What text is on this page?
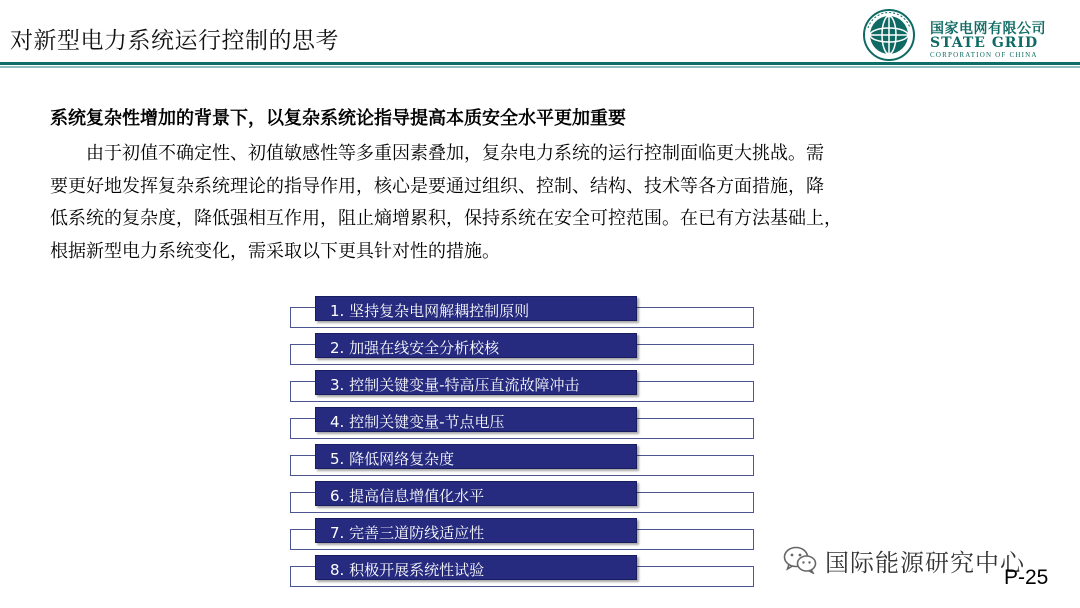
对新型电力系统运行控制的思考	国家电网有限公司
STATE GRID
CORPORATION OF CHINA
系统复杂性增加的背景下，以复杂系统论指导提高本质安全水平更加重要
　　由于初值不确定性、初值敏感性等多重因素叠加，复杂电力系统的运行控制面临更大挑战。需
要更好地发挥复杂系统理论的指导作用，核心是要通过组织、控制、结构、技术等各方面措施，降
低系统的复杂度，降低强相互作用，阻止熵增累积，保持系统在安全可控范围。在已有方法基础上，
根据新型电力系统变化，需采取以下更具针对性的措施。
1. 坚持复杂电网解耦控制原则
2. 加强在线安全分析校核
3. 控制关键变量-特高压直流故障冲击
4. 控制关键变量-节点电压
5. 降低网络复杂度
6. 提高信息增值化水平
7. 完善三道防线适应性
8. 积极开展系统性试验	国际能源研究中心
P-25
